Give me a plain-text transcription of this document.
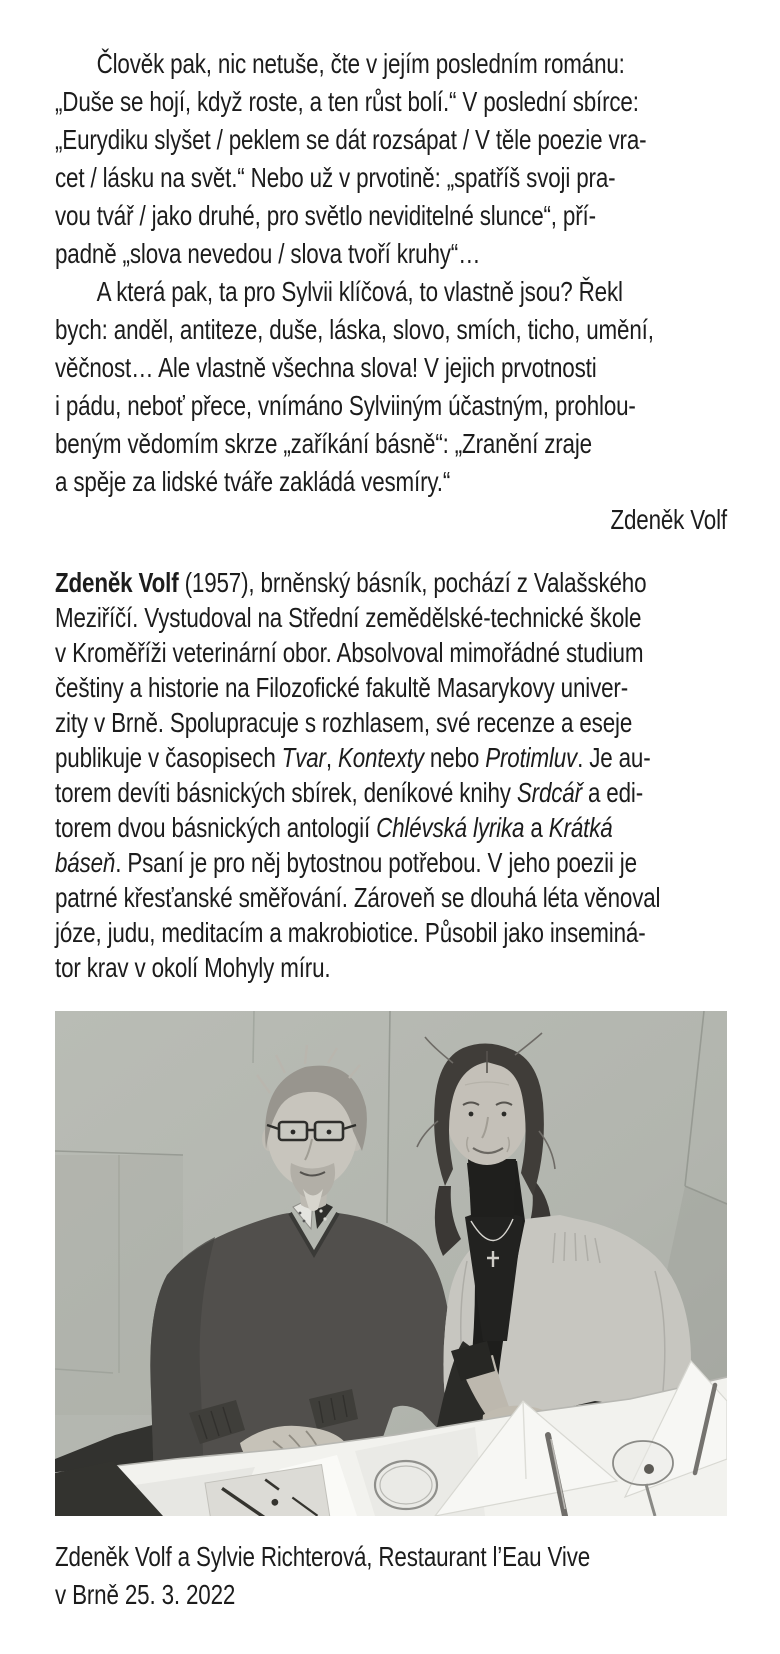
Člověk pak, nic netuše, čte v jejím posledním románu:
„Duše se hojí, když roste, a ten růst bolí.“ V poslední sbírce:
„Eurydiku slyšet / peklem se dát rozsápat / V těle poezie vra-
cet / lásku na svět.“ Nebo už v prvotině: „spatříš svoji pra-
vou tvář / jako druhé, pro světlo neviditelné slunce“, pří-
padně „slova nevedou / slova tvoří kruhy“…
A která pak, ta pro Sylvii klíčová, to vlastně jsou? Řekl
bych: anděl, antiteze, duše, láska, slovo, smích, ticho, umění,
věčnost… Ale vlastně všechna slova! V jejich prvotnosti
i pádu, neboť přece, vnímáno Sylviiným účastným, prohlou-
beným vědomím skrze „zaříkání básně“: „Zranění zraje
a spěje za lidské tváře zakládá vesmíry.“
Zdeněk Volf
Zdeněk Volf (1957), brněnský básník, pochází z Valašského
Meziříčí. Vystudoval na Střední zemědělské-technické škole
v Kroměříži veterinární obor. Absolvoval mimořádné studium
češtiny a historie na Filozofické fakultě Masarykovy univer-
zity v Brně. Spolupracuje s rozhlasem, své recenze a eseje
publikuje v časopisech Tvar, Kontexty nebo Protimluv. Je au-
torem devíti básnických sbírek, deníkové knihy Srdcář a edi-
torem dvou básnických antologií Chlévská lyrika a Krátká
báseň. Psaní je pro něj bytostnou potřebou. V jeho poezii je
patrné křesťanské směřování. Zároveň se dlouhá léta věnoval
józe, judu, meditacím a makrobiotice. Působil jako inseminá-
tor krav v okolí Mohyly míru.
Zdeněk Volf a Sylvie Richterová, Restaurant l’Eau Vive
v Brně 25. 3. 2022
